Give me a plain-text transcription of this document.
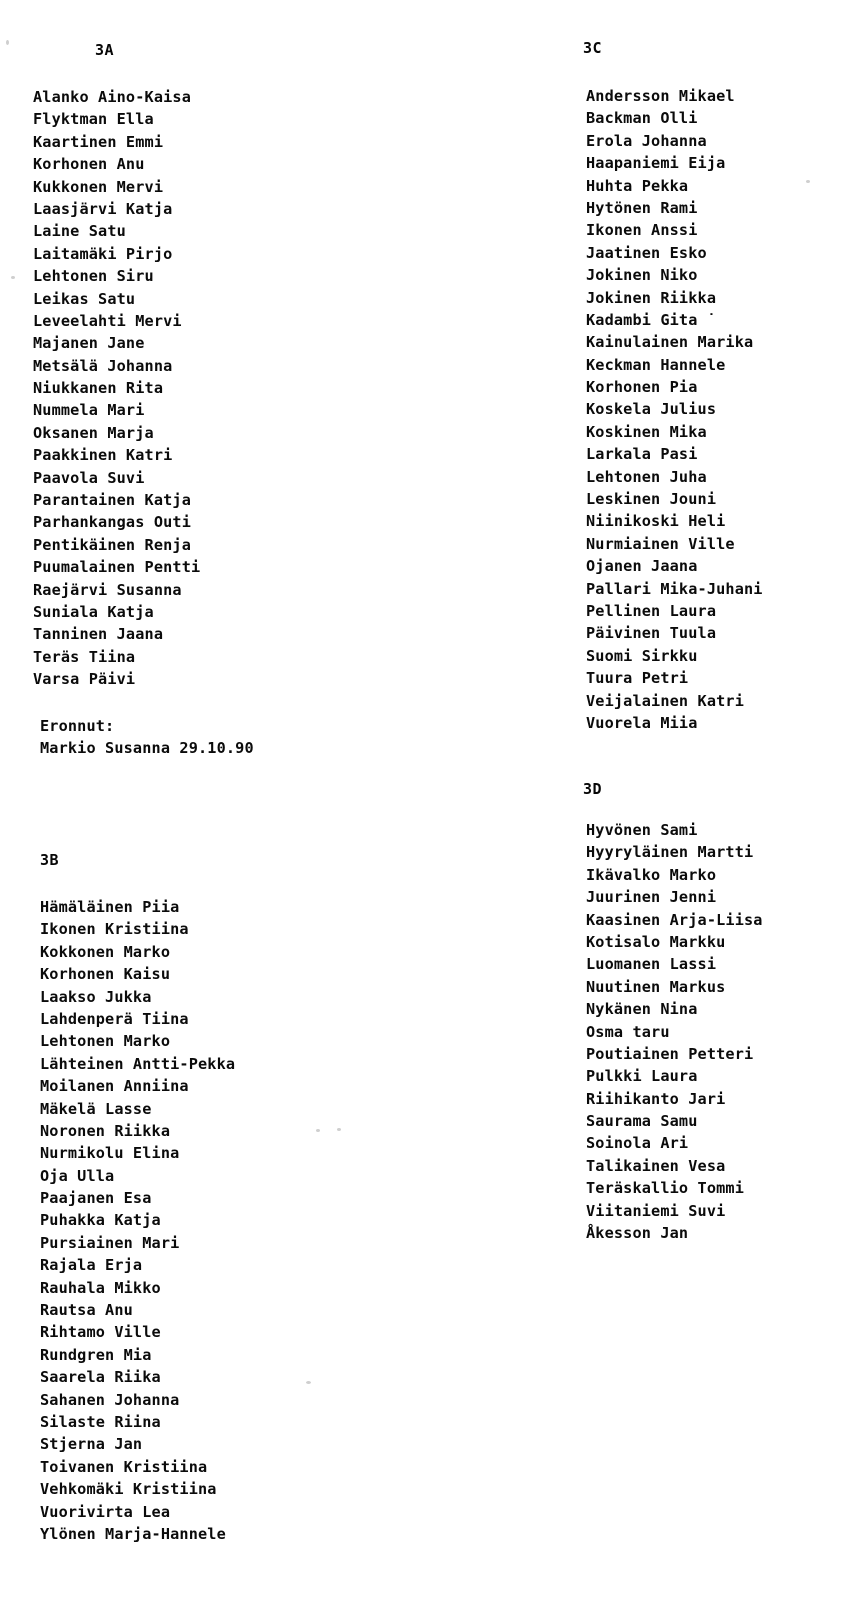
3A
Alanko Aino-Kaisa
Flyktman Ella
Kaartinen Emmi
Korhonen Anu
Kukkonen Mervi
Laasjärvi Katja
Laine Satu
Laitamäki Pirjo
Lehtonen Siru
Leikas Satu
Leveelahti Mervi
Majanen Jane
Metsälä Johanna
Niukkanen Rita
Nummela Mari
Oksanen Marja
Paakkinen Katri
Paavola Suvi
Parantainen Katja
Parhankangas Outi
Pentikäinen Renja
Puumalainen Pentti
Raejärvi Susanna
Suniala Katja
Tanninen Jaana
Teräs Tiina
Varsa Päivi
Eronnut:
Markio Susanna 29.10.90
3B
Hämäläinen Piia
Ikonen Kristiina
Kokkonen Marko
Korhonen Kaisu
Laakso Jukka
Lahdenperä Tiina
Lehtonen Marko
Lähteinen Antti-Pekka
Moilanen Anniina
Mäkelä Lasse
Noronen Riikka
Nurmikolu Elina
Oja Ulla
Paajanen Esa
Puhakka Katja
Pursiainen Mari
Rajala Erja
Rauhala Mikko
Rautsa Anu
Rihtamo Ville
Rundgren Mia
Saarela Riika
Sahanen Johanna
Silaste Riina
Stjerna Jan
Toivanen Kristiina
Vehkomäki Kristiina
Vuorivirta Lea
Ylönen Marja-Hannele
3C
Andersson Mikael
Backman Olli
Erola Johanna
Haapaniemi Eija
Huhta Pekka
Hytönen Rami
Ikonen Anssi
Jaatinen Esko
Jokinen Niko
Jokinen Riikka
Kadambi Gita ˙
Kainulainen Marika
Keckman Hannele
Korhonen Pia
Koskela Julius
Koskinen Mika
Larkala Pasi
Lehtonen Juha
Leskinen Jouni
Niinikoski Heli
Nurmiainen Ville
Ojanen Jaana
Pallari Mika-Juhani
Pellinen Laura
Päivinen Tuula
Suomi Sirkku
Tuura Petri
Veijalainen Katri
Vuorela Miia
3D
Hyvönen Sami
Hyyryläinen Martti
Ikävalko Marko
Juurinen Jenni
Kaasinen Arja-Liisa
Kotisalo Markku
Luomanen Lassi
Nuutinen Markus
Nykänen Nina
Osma taru
Poutiainen Petteri
Pulkki Laura
Riihikanto Jari
Saurama Samu
Soinola Ari
Talikainen Vesa
Teräskallio Tommi
Viitaniemi Suvi
Åkesson Jan
